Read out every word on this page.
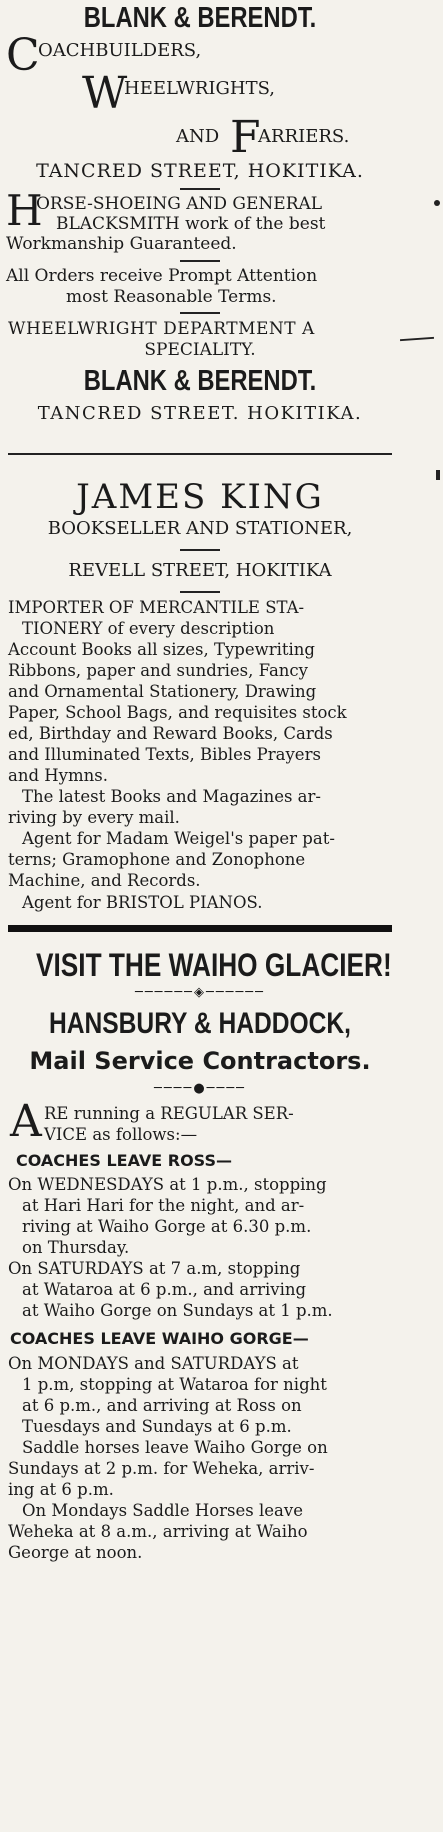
BLANK & BERENDT.
C
OACHBUILDERS,
W
HEELWRIGHTS,
AND F
ARRIERS.
TANCRED STREET, HOKITIKA.
H
ORSE-SHOEING AND GENERAL
BLACKSMITH work of the best
Workmanship Guaranteed.
All Orders receive Prompt Attention
most Reasonable Terms.
WHEELWRIGHT DEPARTMENT A
SPECIALITY.
BLANK & BERENDT.
TANCRED STREET. HOKITIKA.
JAMES KING
BOOKSELLER AND STATIONER,
REVELL STREET, HOKITIKA

IMPORTER OF MERCANTILE STA-

TIONERY of every description

Account Books all sizes, Typewriting

Ribbons, paper and sundries, Fancy

and Ornamental Stationery, Drawing

Paper, School Bags, and requisites stock

ed, Birthday and Reward Books, Cards

and Illuminated Texts, Bibles Prayers

and Hymns.

The latest Books and Magazines ar-

riving by every mail.

Agent for Madam Weigel's paper pat-

terns; Gramophone and Zonophone

Machine, and Records.

Agent for BRISTOL PIANOS.

VISIT THE WAIHO GLACIER!
──────◈──────
HANSBURY & HADDOCK,
Mail Service Contractors.
────●────
A RE running a REGULAR SER-
VICE as follows:—
COACHES LEAVE ROSS—

On WEDNESDAYS at 1 p.m., stopping

at Hari Hari for the night, and ar-

riving at Waiho Gorge at 6.30 p.m.

on Thursday.

On SATURDAYS at 7 a.m, stopping

at Wataroa at 6 p.m., and arriving

at Waiho Gorge on Sundays at 1 p.m.

COACHES LEAVE WAIHO GORGE—

On MONDAYS and SATURDAYS at

1 p.m, stopping at Wataroa for night

at 6 p.m., and arriving at Ross on

Tuesdays and Sundays at 6 p.m.

Saddle horses leave Waiho Gorge on

Sundays at 2 p.m. for Weheka, arriv-

ing at 6 p.m.

On Mondays Saddle Horses leave

Weheka at 8 a.m., arriving at Waiho

George at noon.
